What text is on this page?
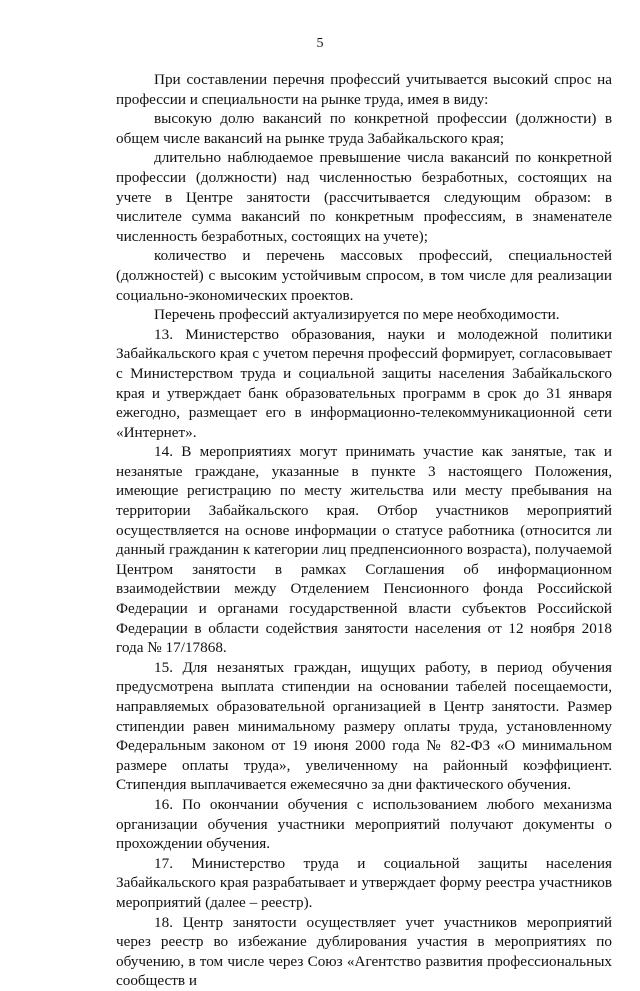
5

При составлении перечня профессий учитывается высокий спрос на профессии и специальности на рынке труда, имея в виду:

высокую долю вакансий по конкретной профессии (должности) в общем числе вакансий на рынке труда Забайкальского края;

длительно наблюдаемое превышение числа вакансий по конкретной профессии (должности) над численностью безработных, состоящих на учете в Центре занятости (рассчитывается следующим образом: в числителе сумма вакансий по конкретным профессиям, в знаменателе численность безработных, состоящих на учете);

количество и перечень массовых профессий, специальностей (должностей) с высоким устойчивым спросом, в том числе для реализации социально-экономических проектов.

Перечень профессий актуализируется по мере необходимости.

13. Министерство образования, науки и молодежной политики Забайкальского края с учетом перечня профессий формирует, согласовывает с Министерством труда и социальной защиты населения Забайкальского края и утверждает банк образовательных программ в срок до 31 января ежегодно, размещает его в информационно-телекоммуникационной сети «Интернет».

14. В мероприятиях могут принимать участие как занятые, так и незанятые граждане, указанные в пункте 3 настоящего Положения, имеющие регистрацию по месту жительства или месту пребывания на территории Забайкальского края. Отбор участников мероприятий осуществляется на основе информации о статусе работника (относится ли данный гражданин к категории лиц предпенсионного возраста), получаемой Центром занятости в рамках Соглашения об информационном взаимодействии между Отделением Пенсионного фонда Российской Федерации и органами государственной власти субъектов Российской Федерации в области содействия занятости населения от 12 ноября 2018 года № 17/17868.

15. Для незанятых граждан, ищущих работу, в период обучения предусмотрена выплата стипендии на основании табелей посещаемости, направляемых образовательной организацией в Центр занятости. Размер стипендии равен минимальному размеру оплаты труда, установленному Федеральным законом от 19 июня 2000 года № 82-ФЗ «О минимальном размере оплаты труда», увеличенному на районный коэффициент. Стипендия выплачивается ежемесячно за дни фактического обучения.

16. По окончании обучения с использованием любого механизма организации обучения участники мероприятий получают документы о прохождении обучения.

17. Министерство труда и социальной защиты населения Забайкальского края разрабатывает и утверждает форму реестра участников мероприятий (далее – реестр).

18. Центр занятости осуществляет учет участников мероприятий через реестр во избежание дублирования участия в мероприятиях по обучению, в том числе через Союз «Агентство развития профессиональных сообществ и
